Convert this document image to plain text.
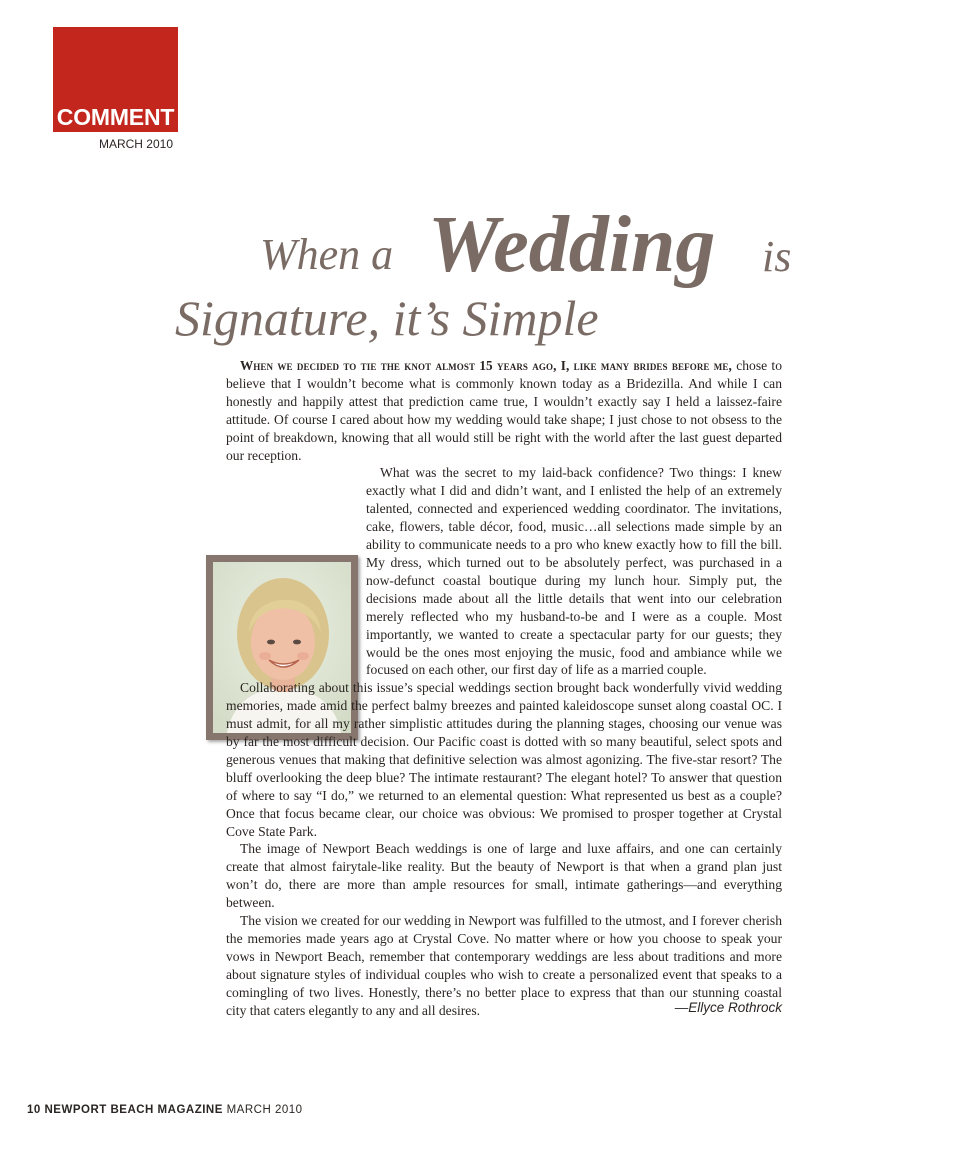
COMMENT
MARCH 2010
When a Wedding is
Signature, it’s Simple

When we decided to tie the knot almost 15 years ago, I, like many brides before me, chose to believe that I wouldn’t become what is commonly known today as a Bridezilla. And while I can honestly and happily attest that prediction came true, I wouldn’t exactly say I held a laissez-faire attitude. Of course I cared about how my wedding would take shape; I just chose to not obsess to the point of breakdown, knowing that all would still be right with the world after the last guest departed our reception.

What was the secret to my laid-back confidence? Two things: I knew exactly what I did and didn’t want, and I enlisted the help of an extremely talented, connected and experienced wedding coordinator. The invitations, cake, flowers, table décor, food, music…all selections made simple by an ability to communicate needs to a pro who knew exactly how to fill the bill. My dress, which turned out to be absolutely perfect, was purchased in a now-defunct coastal boutique during my lunch hour. Simply put, the decisions made about all the little details that went into our celebration merely reflected who my husband-to-be and I were as a couple. Most importantly, we wanted to create a spectacular party for our guests; they would be the ones most enjoying the music, food and ambiance while we focused on each other, our first day of life as a married couple.

Collaborating about this issue’s special weddings section brought back wonderfully vivid wedding memories, made amid the perfect balmy breezes and painted kaleidoscope sunset along coastal OC. I must admit, for all my rather simplistic attitudes during the planning stages, choosing our venue was by far the most difficult decision. Our Pacific coast is dotted with so many beautiful, select spots and generous venues that making that definitive selection was almost agonizing. The five-star resort? The bluff overlooking the deep blue? The intimate restaurant? The elegant hotel? To answer that question of where to say “I do,” we returned to an elemental question: What represented us best as a couple? Once that focus became clear, our choice was obvious: We promised to prosper together at Crystal Cove State Park.

The image of Newport Beach weddings is one of large and luxe affairs, and one can certainly create that almost fairytale-like reality. But the beauty of Newport is that when a grand plan just won’t do, there are more than ample resources for small, intimate gatherings—and everything between.

The vision we created for our wedding in Newport was fulfilled to the utmost, and I forever cherish the memories made years ago at Crystal Cove. No matter where or how you choose to speak your vows in Newport Beach, remember that contemporary weddings are less about traditions and more about signature styles of individual couples who wish to create a personalized event that speaks to a comingling of two lives. Honestly, there’s no better place to express that than our stunning coastal city that caters elegantly to any and all desires.	—Ellyce Rothrock
10 NEWPORT BEACH MAGAZINE MARCH 2010
